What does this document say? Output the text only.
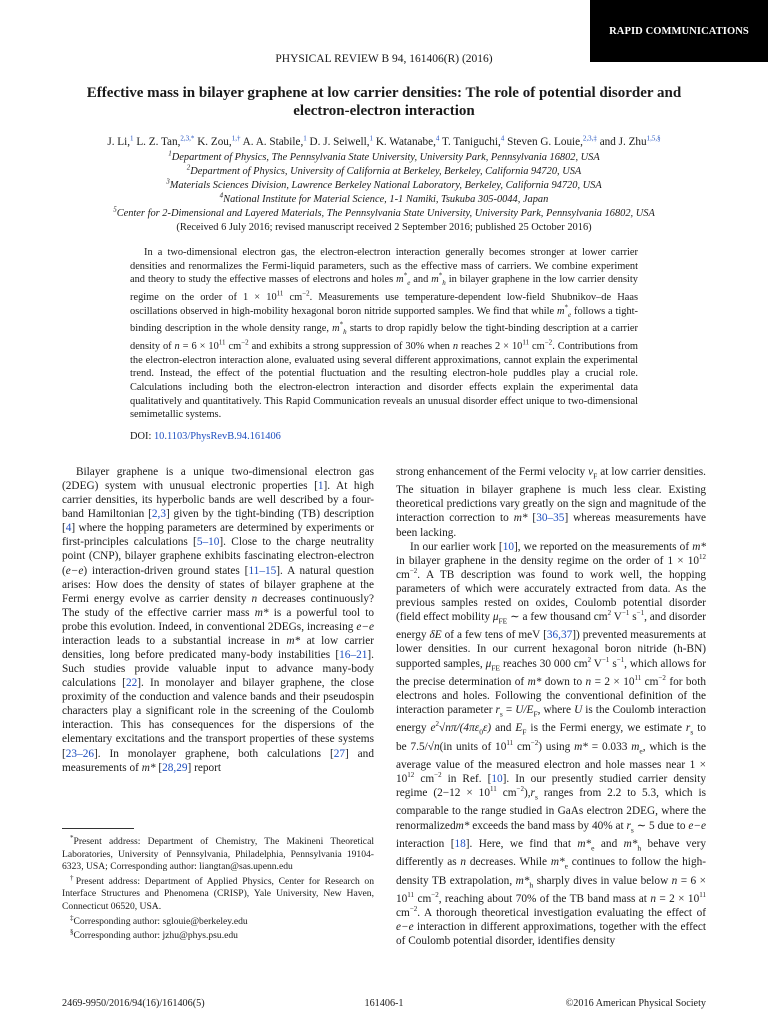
RAPID COMMUNICATIONS
PHYSICAL REVIEW B 94, 161406(R) (2016)
Effective mass in bilayer graphene at low carrier densities: The role of potential disorder and electron-electron interaction
J. Li,$^1$ L. Z. Tan,$^{2,3,*}$ K. Zou,$^{1,\dagger}$ A. A. Stabile,$^1$ D. J. Seiwell,$^1$ K. Watanabe,$^4$ T. Taniguchi,$^4$ Steven G. Louie,$^{2,3,\ddagger}$ and J. Zhu$^{1,5,\S}$
$^1$Department of Physics, The Pennsylvania State University, University Park, Pennsylvania 16802, USA
$^2$Department of Physics, University of California at Berkeley, Berkeley, California 94720, USA
$^3$Materials Sciences Division, Lawrence Berkeley National Laboratory, Berkeley, California 94720, USA
$^4$National Institute for Material Science, 1-1 Namiki, Tsukuba 305-0044, Japan
$^5$Center for 2-Dimensional and Layered Materials, The Pennsylvania State University, University Park, Pennsylvania 16802, USA
(Received 6 July 2016; revised manuscript received 2 September 2016; published 25 October 2016)

In a two-dimensional electron gas, the electron-electron interaction generally becomes stronger at lower carrier densities and renormalizes the Fermi-liquid parameters, such as the effective mass of carriers. We combine experiment and theory to study the effective masses of electrons and holes $m^*_e$ and $m^*_h$ in bilayer graphene in the low carrier density regime on the order of $1 \times 10^{11}$ $cm^{-2}$. Measurements use temperature-dependent low-field Shubnikov–de Haas oscillations observed in high-mobility hexagonal boron nitride supported samples. We find that while $m^*_e$ follows a tight-binding description in the whole density range, $m^*_h$ starts to drop rapidly below the tight-binding description at a carrier density of $n = 6 \times 10^{11}$ $cm^{-2}$ and exhibits a strong suppression of 30% when n reaches $2 \times 10^{11}$ $cm^{-2}$. Contributions from the electron-electron interaction alone, evaluated using several different approximations, cannot explain the experimental trend. Instead, the effect of the potential fluctuation and the resulting electron-hole puddles play a crucial role. Calculations including both the electron-electron interaction and disorder effects explain the experimental data qualitatively and quantitatively. This Rapid Communication reveals an unusual disorder effect unique to two-dimensional semimetallic systems.

DOI: 10.1103/PhysRevB.94.161406

Bilayer graphene is a unique two-dimensional electron gas (2DEG) system with unusual electronic properties [1]. At high carrier densities, its hyperbolic bands are well described by a four-band Hamiltonian [2,3] given by the tight-binding (TB) description [4] where the hopping parameters are determined by experiments or first-principles calculations [5–10]. Close to the charge neutrality point (CNP), bilayer graphene exhibits fascinating electron-electron (e−e) interaction-driven ground states [11–15]. A natural question arises: How does the density of states of bilayer graphene at the Fermi energy evolve as carrier density n decreases continuously? The study of the effective carrier mass m* is a powerful tool to probe this evolution. Indeed, in conventional 2DEGs, increasing e−e interaction leads to a substantial increase in m* at low carrier densities, long before predicated many-body instabilities [16–21]. Such studies provide valuable input to advance many-body calculations [22]. In monolayer and bilayer graphene, the close proximity of the conduction and valence bands and their pseudospin characters play a significant role in the screening of the Coulomb interaction. This has consequences for the dispersions of the elementary excitations and the transport properties of these systems [23–26]. In monolayer graphene, both calculations [27] and measurements of m* [28,29] report

*Present address: Department of Chemistry, The Makineni Theoretical Laboratories, University of Pennsylvania, Philadelphia, Pennsylvania 19104-6323, USA; Corresponding author: liangtan@sas.upenn.edu

†Present address: Department of Applied Physics, Center for Research on Interface Structures and Phenomena (CRISP), Yale University, New Haven, Connecticut 06520, USA.

‡Corresponding author: sglouie@berkeley.edu

§Corresponding author: jzhu@phys.psu.edu

strong enhancement of the Fermi velocity $v_F$ at low carrier densities. The situation in bilayer graphene is much less clear. Existing theoretical predictions vary greatly on the sign and magnitude of the interaction correction to m* [30–35] whereas measurements have been lacking.

In our earlier work [10], we reported on the measurements of m* in bilayer graphene in the density regime on the order of $1 \times 10^{12}$ $cm^{-2}$. A TB description was found to work well, the hopping parameters of which were accurately extracted from data. As the previous samples rested on oxides, Coulomb potential disorder (field effect mobility $\mu_{FE}$ ∼ a few thousand $cm^2$ $V^{-1}$ $s^{-1}$, and disorder energy δE of a few tens of meV [36,37]) prevented measurements at lower densities. In our current hexagonal boron nitride (h-BN) supported samples, $\mu_{FE}$ reaches 30 000 $cm^2$ $V^{-1}$ $s^{-1}$, which allows for the precise determination of m* down to $n = 2 \times 10^{11}$ $cm^{-2}$ for both electrons and holes. Following the conventional definition of the interaction parameter $r_s = U/E_F$, where U is the Coulomb interaction energy $e^2√n\pi/(4\pi\varepsilon_0\varepsilon)$ and $E_F$ is the Fermi energy, we estimate $r_s$ to be 7.5/√n(in units of $10^{11}$ $cm^{-2}$) using m* = 0.033 $m_e$, which is the average value of the measured electron and hole masses near $1 \times 10^{12}$ $cm^{-2}$ in Ref. [10]. In our presently studied carrier density regime ($2-12 \times 10^{11}$ $cm^{-2}),r_s$ ranges from 2.2 to 5.3, which is comparable to the range studied in GaAs electron 2DEG, where the renormalizedm* exceeds the band mass by 40% at $r_s$ ∼ 5 due to e−e interaction [18]. Here, we find that $m*_e$ and $m*_h$ behave very differently as n decreases. While $m*_e$ continues to follow the high-density TB extrapolation, $m*_h$ sharply dives in value below $n = 6 \times 10^{11}$ $cm^{-2}$, reaching about 70% of the TB band mass at $n = 2 \times 10^{11}$ $cm^{-2}$. A thorough theoretical investigation evaluating the effect of e−e interaction in different approximations, together with the effect of Coulomb potential disorder, identifies density

2469-9950/2016/94(16)/161406(5)	161406-1	©2016 American Physical Society
